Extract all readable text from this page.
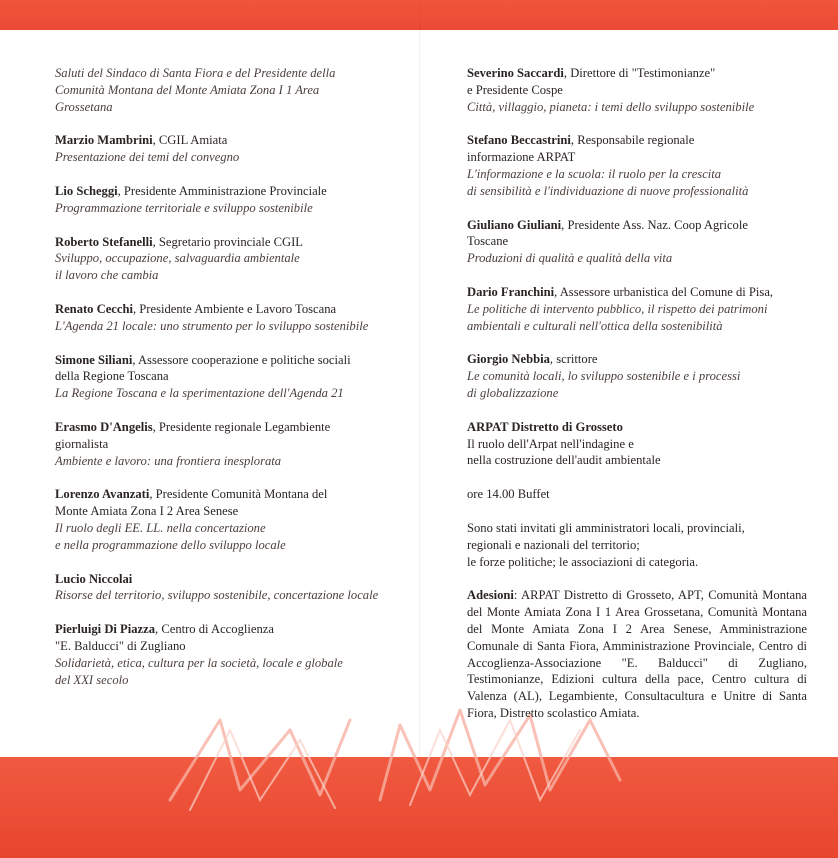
Saluti del Sindaco di Santa Fiora e del Presidente della
Comunità Montana del Monte Amiata Zona I 1 Area
Grossetana
Marzio Mambrini, CGIL Amiata
Presentazione dei temi del convegno
Lio Scheggi, Presidente Amministrazione Provinciale
Programmazione territoriale e sviluppo sostenibile
Roberto Stefanelli, Segretario provinciale CGIL
Sviluppo, occupazione, salvaguardia ambientale
il lavoro che cambia
Renato Cecchi, Presidente Ambiente e Lavoro Toscana
L'Agenda 21 locale: uno strumento per lo sviluppo sostenibile
Simone Siliani, Assessore cooperazione e politiche sociali
della Regione Toscana
La Regione Toscana e la sperimentazione dell'Agenda 21
Erasmo D'Angelis, Presidente regionale Legambiente
giornalista
Ambiente e lavoro: una frontiera inesplorata
Lorenzo Avanzati, Presidente Comunità Montana del
Monte Amiata Zona I 2 Area Senese
Il ruolo degli EE. LL. nella concertazione
e nella programmazione dello sviluppo locale
Lucio Niccolai
Risorse del territorio, sviluppo sostenibile, concertazione locale
Pierluigi Di Piazza, Centro di Accoglienza
"E. Balducci" di Zugliano
Solidarietà, etica, cultura per la società, locale e globale
del XXI secolo
Severino Saccardi, Direttore di "Testimonianze"
e Presidente Cospe
Città, villaggio, pianeta: i temi dello sviluppo sostenibile
Stefano Beccastrini, Responsabile regionale
informazione ARPAT
L'informazione e la scuola: il ruolo per la crescita
di sensibilità e l'individuazione di nuove professionalità
Giuliano Giuliani, Presidente Ass. Naz. Coop Agricole
Toscane
Produzioni di qualità e qualità della vita
Dario Franchini, Assessore urbanistica del Comune di Pisa,
Le politiche di intervento pubblico, il rispetto dei patrimoni
ambientali e culturali nell'ottica della sostenibilità
Giorgio Nebbia, scrittore
Le comunità locali, lo sviluppo sostenibile e i processi
di globalizzazione
ARPAT Distretto di Grosseto
Il ruolo dell'Arpat nell'indagine e
nella costruzione dell'audit ambientale
ore 14.00 Buffet
Sono stati invitati gli amministratori locali, provinciali,
regionali e nazionali del territorio;
le forze politiche; le associazioni di categoria.
Adesioni: ARPAT Distretto di Grosseto, APT, Comunità Montana del Monte Amiata Zona I 1 Area Grossetana, Comunità Montana del Monte Amiata Zona I 2 Area Senese, Amministrazione Comunale di Santa Fiora, Amministrazione Provinciale, Centro di Accoglienza-Associazione "E. Balducci" di Zugliano, Testimonianze, Edizioni cultura della pace, Centro cultura di Valenza (AL), Legambiente, Consultacultura e Unitre di Santa Fiora, Distretto scolastico Amiata.
